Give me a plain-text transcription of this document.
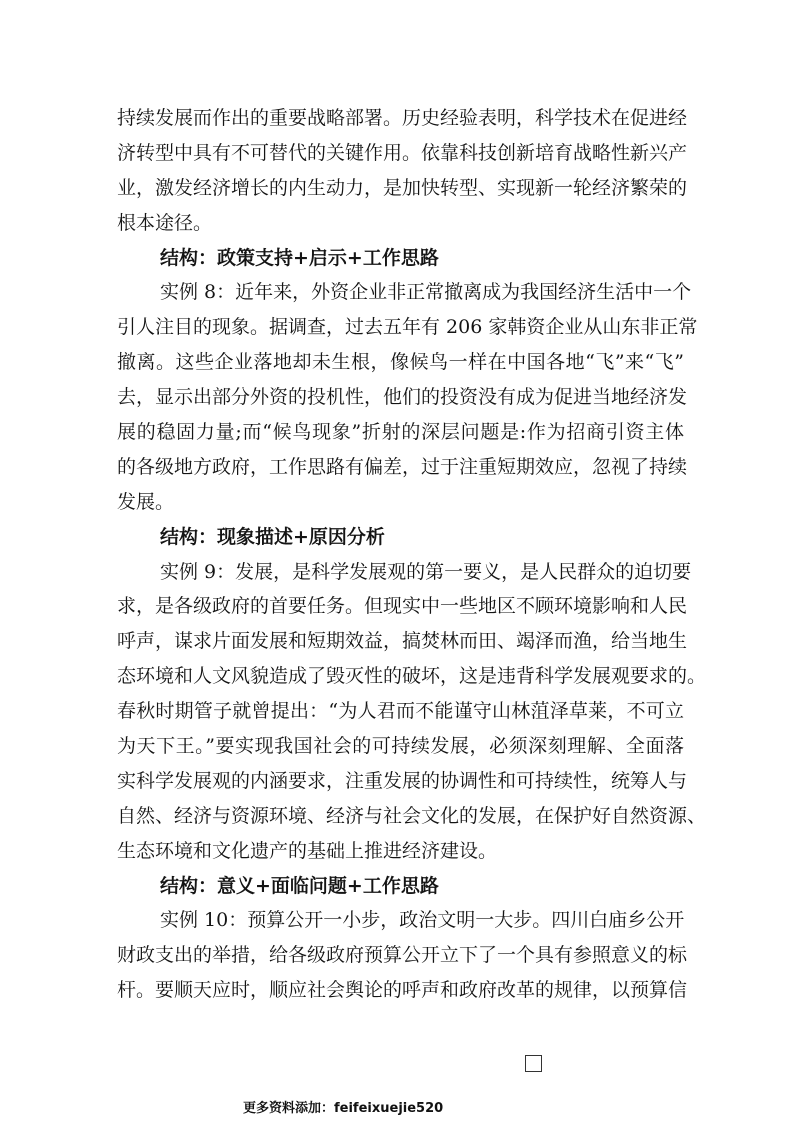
持续发展而作出的重要战略部署。历史经验表明，科学技术在促进经
济转型中具有不可替代的关键作用。依靠科技创新培育战略性新兴产
业，激发经济增长的内生动力，是加快转型、实现新一轮经济繁荣的
根本途径。
结构：政策支持+启示+工作思路
实例 8：近年来，外资企业非正常撤离成为我国经济生活中一个
引人注目的现象。据调查，过去五年有 206 家韩资企业从山东非正常
撤离。这些企业落地却未生根，像候鸟一样在中国各地“飞”来“飞”
去，显示出部分外资的投机性，他们的投资没有成为促进当地经济发
展的稳固力量;而“候鸟现象”折射的深层问题是:作为招商引资主体
的各级地方政府，工作思路有偏差，过于注重短期效应，忽视了持续
发展。
结构：现象描述+原因分析
实例 9：发展，是科学发展观的第一要义，是人民群众的迫切要
求，是各级政府的首要任务。但现实中一些地区不顾环境影响和人民
呼声，谋求片面发展和短期效益，搞焚林而田、竭泽而渔，给当地生
态环境和人文风貌造成了毁灭性的破坏，这是违背科学发展观要求的。
春秋时期管子就曾提出：“为人君而不能谨守山林菹泽草莱，不可立
为天下王。”要实现我国社会的可持续发展，必须深刻理解、全面落
实科学发展观的内涵要求，注重发展的协调性和可持续性，统筹人与
自然、经济与资源环境、经济与社会文化的发展，在保护好自然资源、
生态环境和文化遗产的基础上推进经济建设。
结构：意义+面临问题+工作思路
实例 10：预算公开一小步，政治文明一大步。四川白庙乡公开
财政支出的举措，给各级政府预算公开立下了一个具有参照意义的标
杆。要顺天应时，顺应社会舆论的呼声和政府改革的规律，以预算信
更多资料添加：feifeixuejie520
